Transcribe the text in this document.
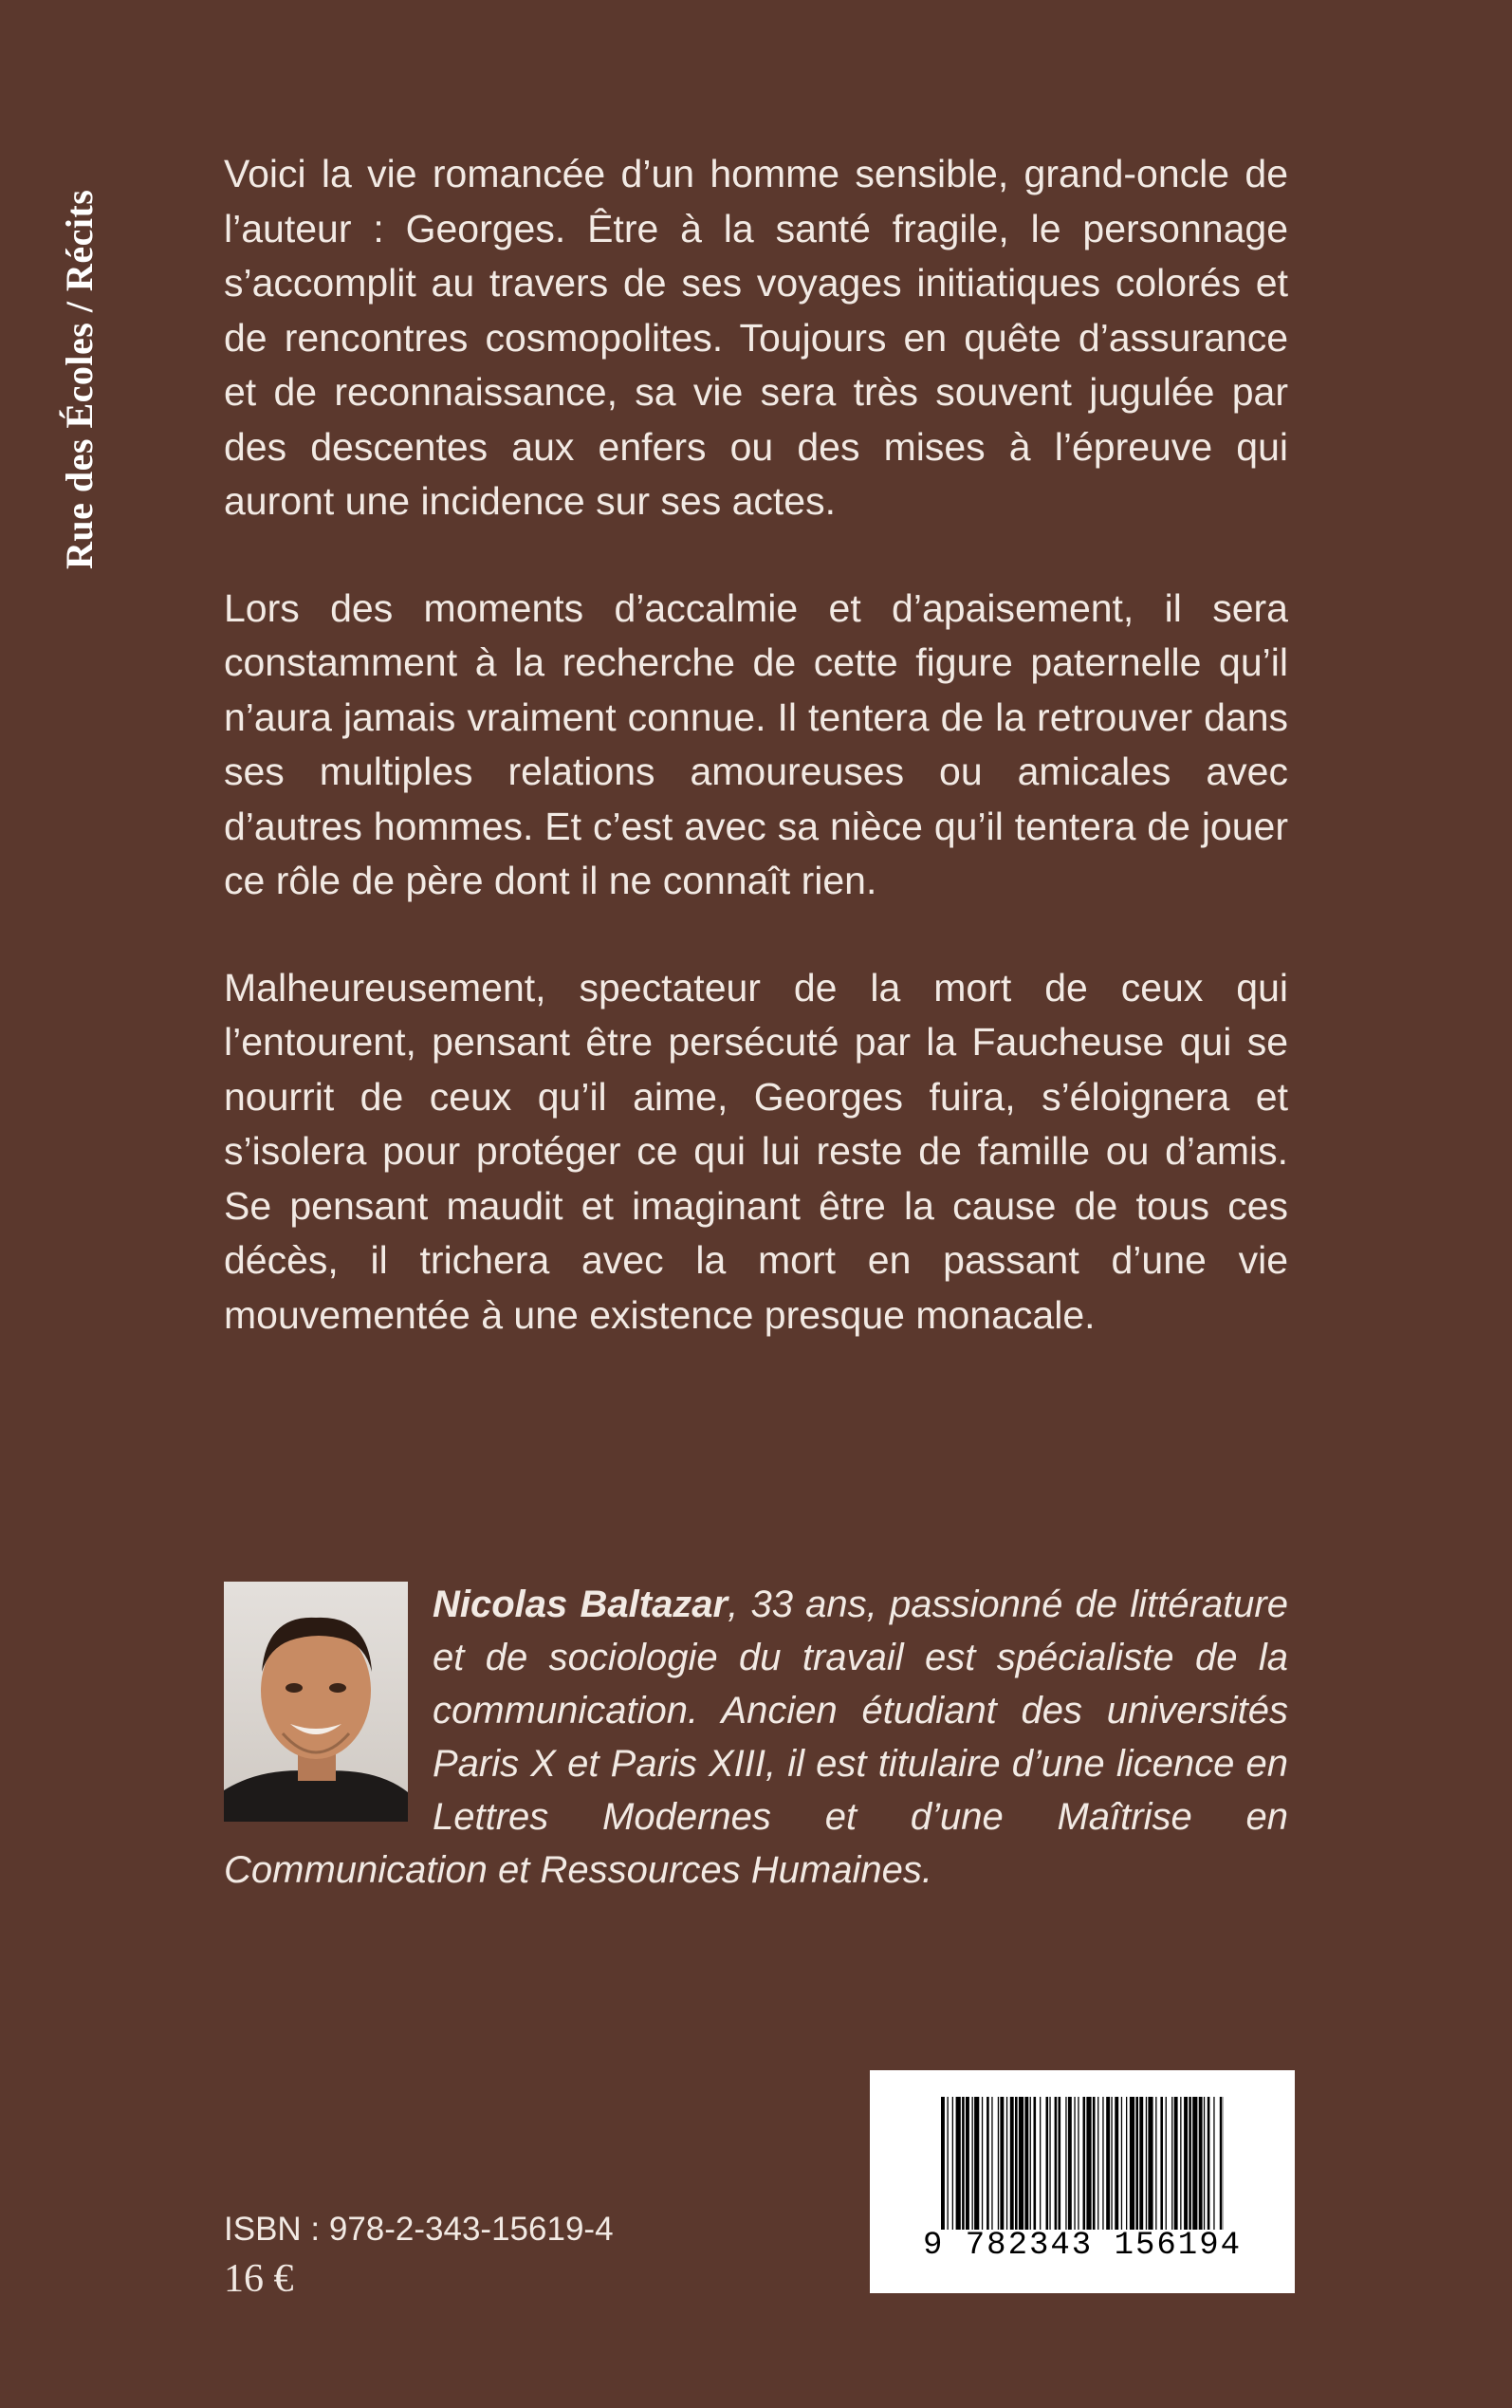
Rue des Écoles / Récits

Voici la vie romancée d’un homme sensible, grand-oncle de l’auteur : Georges. Être à la santé fragile, le personnage s’accomplit au travers de ses voyages initiatiques colorés et de rencontres cosmopolites. Toujours en quête d’assurance et de reconnaissance, sa vie sera très souvent jugulée par des descentes aux enfers ou des mises à l’épreuve qui auront une incidence sur ses actes.

Lors des moments d’accalmie et d’apaisement, il sera constamment à la recherche de cette figure paternelle qu’il n’aura jamais vraiment connue. Il tentera de la retrouver dans ses multiples relations amoureuses ou amicales avec d’autres hommes. Et c’est avec sa nièce qu’il tentera de jouer ce rôle de père dont il ne connaît rien.

Malheureusement, spectateur de la mort de ceux qui l’entourent, pensant être persécuté par la Faucheuse qui se nourrit de ceux qu’il aime, Georges fuira, s’éloignera et s’isolera pour protéger ce qui lui reste de famille ou d’amis. Se pensant maudit et imaginant être la cause de tous ces décès, il trichera avec la mort en passant d’une vie mouvementée à une existence presque monacale.

Nicolas Baltazar, 33 ans, passionné de littérature et de sociologie du travail est spécialiste de la communication. Ancien étudiant des universités Paris X et Paris XIII, il est titulaire d’une licence en Lettres Modernes et d’une Maîtrise en Communication et Ressources Humaines.
9 782343 156194
ISBN : 978-2-343-15619-4
16 €
